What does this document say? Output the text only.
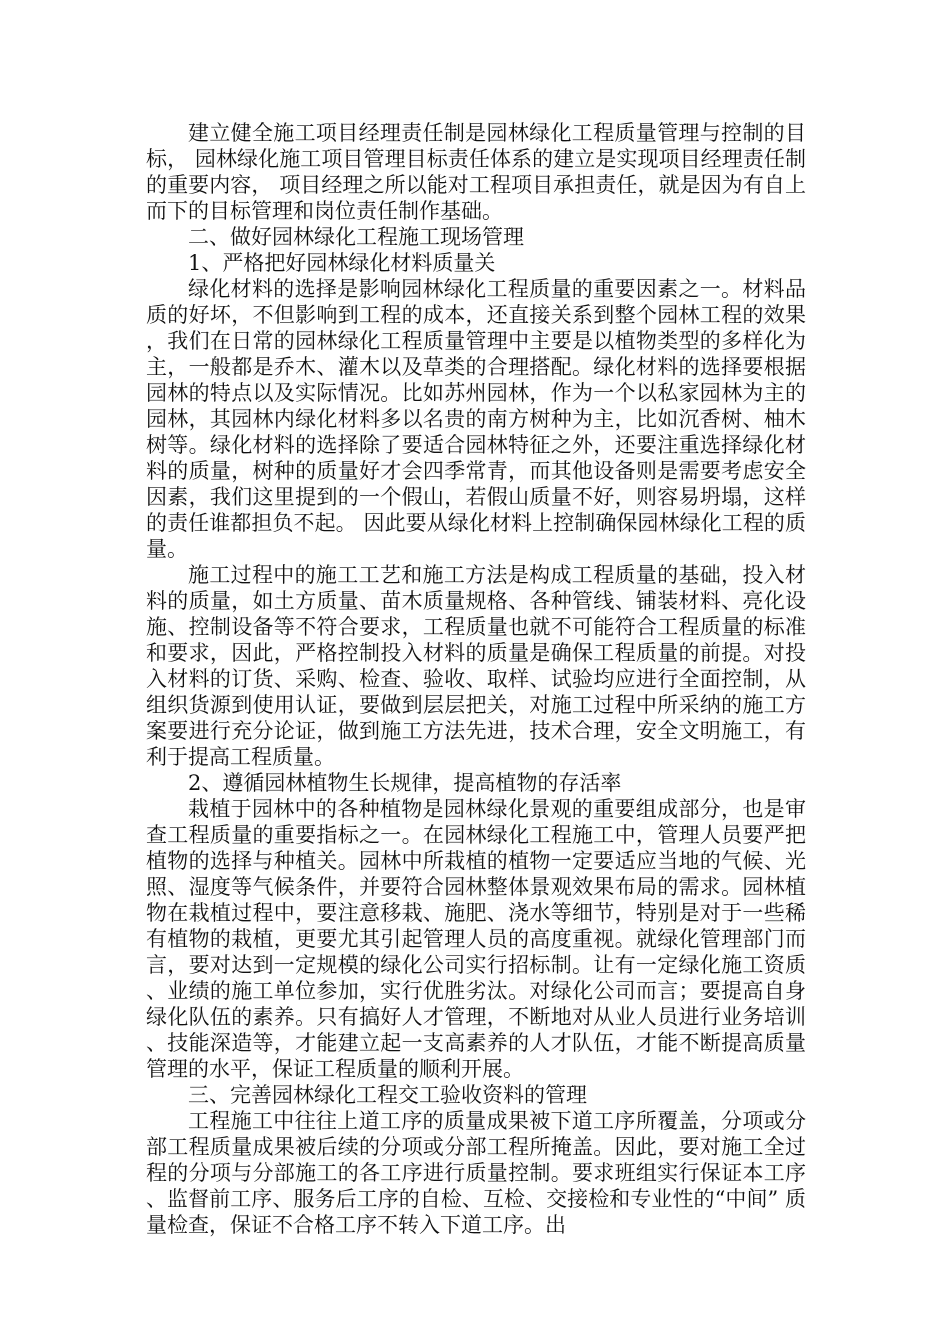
建立健全施工项目经理责任制是园林绿化工程质量管理与控制的目标， 园林绿化施工项目管理目标责任体系的建立是实现项目经理责任制的重要内容， 项目经理之所以能对工程项目承担责任，就是因为有自上而下的目标管理和岗位责任制作基础。

二、做好园林绿化工程施工现场管理

1、严格把好园林绿化材料质量关

绿化材料的选择是影响园林绿化工程质量的重要因素之一。材料品质的好坏，不但影响到工程的成本，还直接关系到整个园林工程的效果，我们在日常的园林绿化工程质量管理中主要是以植物类型的多样化为主，一般都是乔木、灌木以及草类的合理搭配。绿化材料的选择要根据园林的特点以及实际情况。比如苏州园林，作为一个以私家园林为主的园林，其园林内绿化材料多以名贵的南方树种为主，比如沉香树、柚木树等。绿化材料的选择除了要适合园林特征之外，还要注重选择绿化材料的质量，树种的质量好才会四季常青，而其他设备则是需要考虑安全因素，我们这里提到的一个假山，若假山质量不好，则容易坍塌，这样的责任谁都担负不起。 因此要从绿化材料上控制确保园林绿化工程的质量。

施工过程中的施工工艺和施工方法是构成工程质量的基础，投入材料的质量，如土方质量、苗木质量规格、各种管线、铺装材料、亮化设施、控制设备等不符合要求，工程质量也就不可能符合工程质量的标准和要求，因此，严格控制投入材料的质量是确保工程质量的前提。对投入材料的订货、采购、检查、验收、取样、试验均应进行全面控制，从组织货源到使用认证，要做到层层把关，对施工过程中所采纳的施工方案要进行充分论证，做到施工方法先进，技术合理，安全文明施工，有利于提高工程质量。

2、遵循园林植物生长规律，提高植物的存活率

栽植于园林中的各种植物是园林绿化景观的重要组成部分，也是审查工程质量的重要指标之一。在园林绿化工程施工中，管理人员要严把植物的选择与种植关。园林中所栽植的植物一定要适应当地的气候、光照、湿度等气候条件，并要符合园林整体景观效果布局的需求。园林植物在栽植过程中，要注意移栽、施肥、浇水等细节，特别是对于一些稀有植物的栽植，更要尤其引起管理人员的高度重视。就绿化管理部门而言，要对达到一定规模的绿化公司实行招标制。让有一定绿化施工资质、业绩的施工单位参加，实行优胜劣汰。对绿化公司而言；要提高自身绿化队伍的素养。只有搞好人才管理，不断地对从业人员进行业务培训、技能深造等，才能建立起一支高素养的人才队伍，才能不断提高质量管理的水平，保证工程质量的顺利开展。

三、完善园林绿化工程交工验收资料的管理

工程施工中往往上道工序的质量成果被下道工序所覆盖，分项或分部工程质量成果被后续的分项或分部工程所掩盖。因此，要对施工全过程的分项与分部施工的各工序进行质量控制。要求班组实行保证本工序、监督前工序、服务后工序的自检、互检、交接检和专业性的“中间” 质量检查，保证不合格工序不转入下道工序。出
